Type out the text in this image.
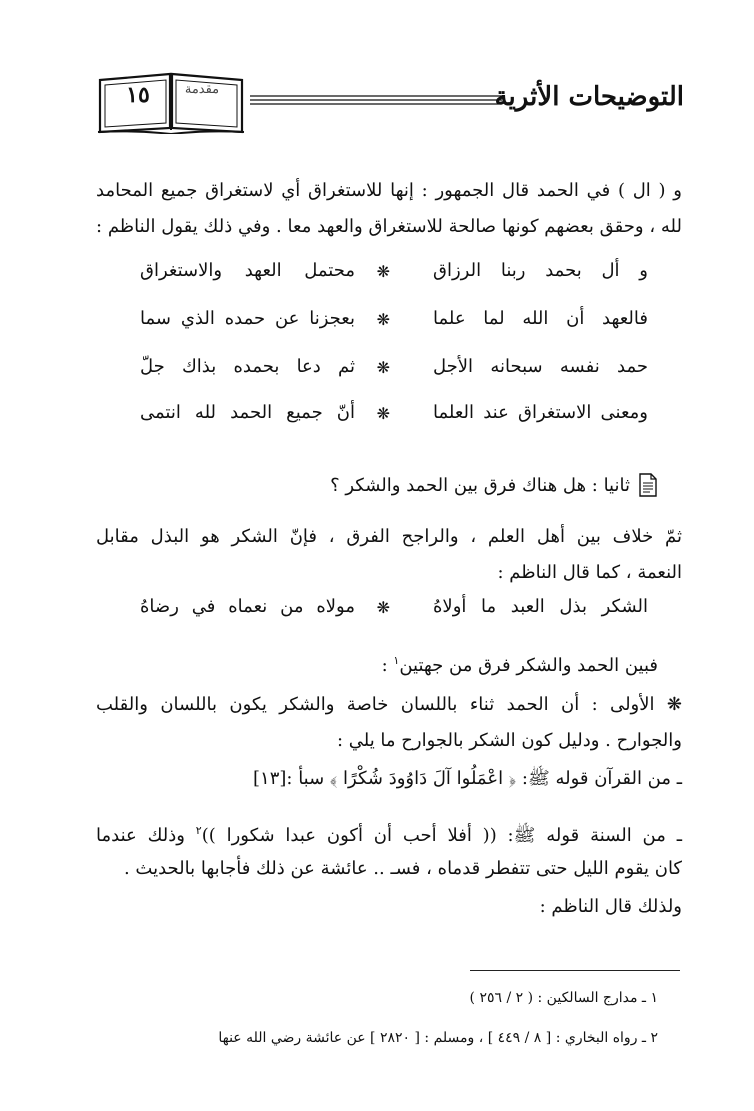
١٥	مقدمة	التوضيحات الأثرية
و ( ال ) في الحمد قال الجمهور : إنها للاستغراق أي لاستغراق جميع المحامد
لله ، وحقق بعضهم كونها صالحة للاستغراق والعهد معا . وفي ذلك يقول الناظم :
و أل بحمد ربنا الرزاق
❋
محتمل العهد والاستغراق
فالعهد أن الله لما علما
❋
بعجزنا عن حمده الذي سما
حمد نفسه سبحانه الأجل
❋
ثم دعا بحمده بذاك جلّ
ومعنى الاستغراق عند العلما
❋
أنّ جميع الحمد لله انتمى
ثانيا : هل هناك فرق بين الحمد والشكر ؟
ثمّ خلاف بين أهل العلم ، والراجح الفرق ، فإنّ الشكر هو البذل مقابل
النعمة ، كما قال الناظم :
الشكر بذل العبد ما أولاهُ
❋
مولاه من نعماه في رضاهُ
فبين الحمد والشكر فرق من جهتين$^١$ :
❋ الأولى : أن الحمد ثناء باللسان خاصة والشكر يكون باللسان والقلب
والجوارح . ودليل كون الشكر بالجوارح ما يلي :
ـ من القرآن قوله ﷺ: ﴿ اعْمَلُوا آلَ دَاوُودَ شُكْرًا ﴾ سبأ :[١٣]
ـ من السنة قوله ﷺ: (( أفلا أحب أن أكون عبدا شكورا ))$^٢$ وذلك عندما
كان يقوم الليل حتى تتفطر قدماه ، فسـ .. عائشة عن ذلك فأجابها بالحديث .
ولذلك قال الناظم :
١ ـ مدارج السالكين : ( ٢ / ٢٥٦ )
٢ ـ رواه البخاري : [ ٨ / ٤٤٩ ] ، ومسلم : [ ٢٨٢٠ ] عن عائشة رضي الله عنها
